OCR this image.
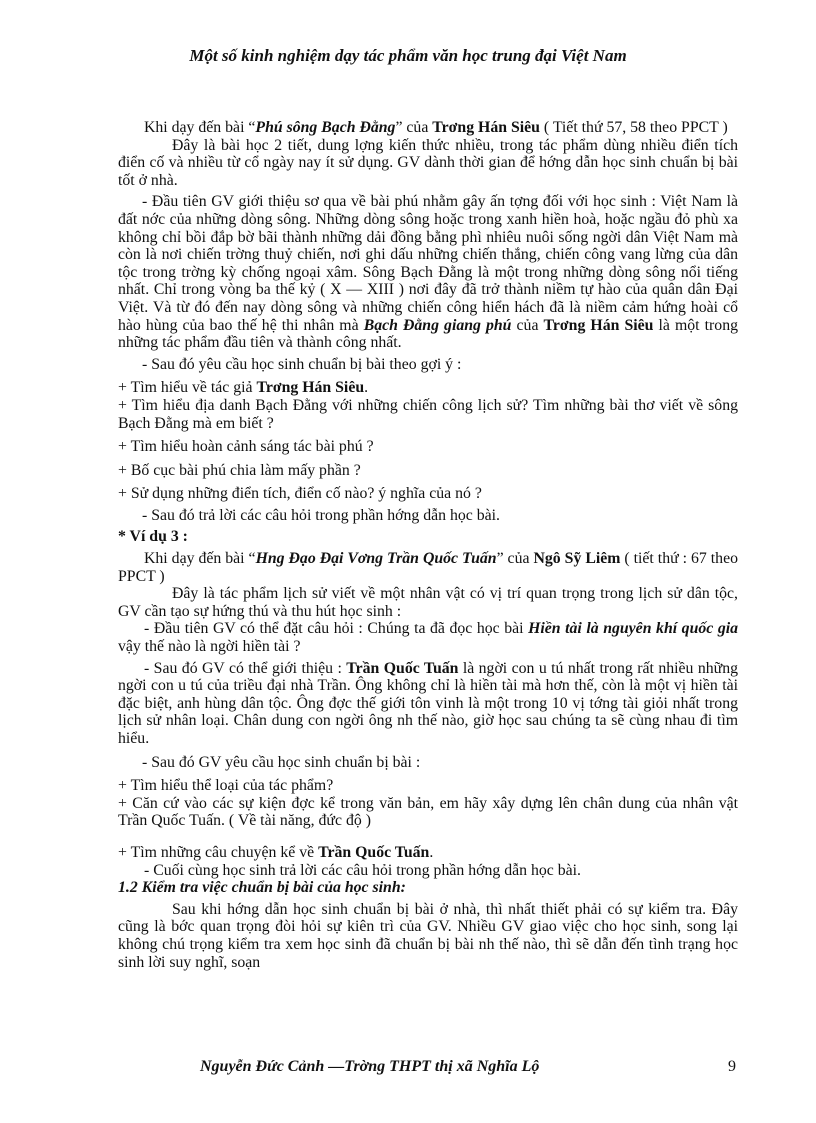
Một số kinh nghiệm dạy tác phẩm văn học trung đại Việt Nam

Khi dạy đến bài “Phú sông Bạch Đằng” của Trơng Hán Siêu ( Tiết thứ 57, 58 theo PPCT )

Đây là bài học 2 tiết, dung lợng kiến thức nhiều, trong tác phẩm dùng nhiều điển tích điển cố và nhiều từ cổ ngày nay ít sử dụng. GV dành thời gian để hớng dẫn học sinh chuẩn bị bài tốt ở nhà.

- Đầu tiên GV giới thiệu sơ qua về bài phú nhằm gây ấn tợng đối với học sinh : Việt Nam là đất nớc của những dòng sông. Những dòng sông hoặc trong xanh hiền hoà, hoặc ngầu đỏ phù xa không chỉ bồi đắp bờ bãi thành những dải đồng bằng phì nhiêu nuôi sống ngời dân Việt Nam mà còn là nơi chiến trờng thuỷ chiến, nơi ghi dấu những chiến thắng, chiến công vang lừng của dân tộc trong trờng kỳ chống ngoại xâm. Sông Bạch Đằng là một trong những dòng sông nổi tiếng nhất. Chỉ trong vòng ba thế kỷ ( X — XIII ) nơi đây đã trở thành niềm tự hào của quân dân Đại Việt. Và từ đó đến nay dòng sông và những chiến công hiển hách đã là niềm cảm hứng hoài cổ hào hùng của bao thế hệ thi nhân mà Bạch Đằng giang phú của Trơng Hán Siêu là một trong những tác phẩm đầu tiên và thành công nhất.

- Sau đó yêu cầu học sinh chuẩn bị bài theo gợi ý :

+ Tìm hiểu về tác giả Trơng Hán Siêu.

+ Tìm hiểu địa danh Bạch Đằng với những chiến công lịch sử? Tìm những bài thơ viết về sông Bạch Đằng mà em biết ?

+ Tìm hiểu hoàn cảnh sáng tác bài phú ?

+ Bố cục bài phú chia làm mấy phần ?

+ Sử dụng những điển tích, điển cố nào? ý nghĩa của nó ?

- Sau đó trả lời các câu hỏi trong phần hớng dẫn học bài.

* Ví dụ 3 :

Khi dạy đến bài “Hng Đạo Đại Vơng Trần Quốc Tuấn” của Ngô Sỹ Liêm ( tiết thứ : 67 theo PPCT )

Đây là tác phẩm lịch sử viết về một nhân vật có vị trí quan trọng trong lịch sử dân tộc, GV cần tạo sự hứng thú và thu hút học sinh :

- Đầu tiên GV có thể đặt câu hỏi : Chúng ta đã đọc học bài Hiền tài là nguyên khí quốc gia vậy thế nào là ngời hiền tài ?

- Sau đó GV có thể giới thiệu : Trần Quốc Tuấn là ngời con u tú nhất trong rất nhiều những ngời con u tú của triều đại nhà Trần. Ông không chỉ là hiền tài mà hơn thế, còn là một vị hiền tài đặc biệt, anh hùng dân tộc. Ông đợc thế giới tôn vinh là một trong 10 vị tớng tài giỏi nhất trong lịch sử nhân loại. Chân dung con ngời ông nh thế nào, giờ học sau chúng ta sẽ cùng nhau đi tìm hiểu.

- Sau đó GV yêu cầu học sinh chuẩn bị bài :

+ Tìm hiểu thể loại của tác phẩm?

+ Căn cứ vào các sự kiện đợc kể trong văn bản, em hãy xây dựng lên chân dung của nhân vật Trần Quốc Tuấn. ( Về tài năng, đức độ )

+ Tìm những câu chuyện kể về Trần Quốc Tuấn.

- Cuối cùng học sinh trả lời các câu hỏi trong phần hớng dẫn học bài.

1.2 Kiểm tra việc chuẩn bị bài của học sinh:

Sau khi hớng dẫn học sinh chuẩn bị bài ở nhà, thì nhất thiết phải có sự kiểm tra. Đây cũng là bớc quan trọng đòi hỏi sự kiên trì của GV. Nhiều GV giao việc cho học sinh, song lại không chú trọng kiểm tra xem học sinh đã chuẩn bị bài nh thế nào, thì sẽ dẫn đến tình trạng học sinh lời suy nghĩ, soạn

Nguyễn Đức Cảnh —Trờng THPT thị xã Nghĩa Lộ	9
